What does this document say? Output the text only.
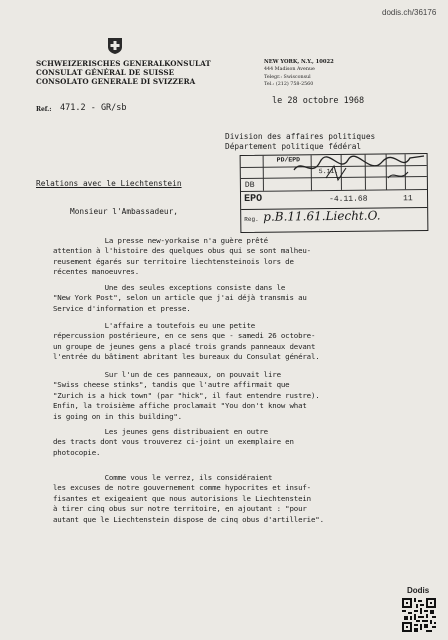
dodis.ch/36176
SCHWEIZERISCHES GENERALKONSULAT
CONSULAT GÉNÉRAL DE SUISSE
CONSOLATO GENERALE DI SVIZZERA
NEW YORK, N.Y., 10022
444 Madison Avenue
Telegr.: Swisconsul
Tel.: (212) 758-2560
Ref.: 471.2 - GR/sb
le 28 octobre 1968
Division des affaires politiques
Département politique fédéral
PD/EPD
5.11.
DB
EPO	-4.11.68	11
Reg. p.B.11.61.Liecht.O.
Relations avec le Liechtenstein
Monsieur l'Ambassadeur,
La presse new-yorkaise n'a guère prêté
attention à l'histoire des quelques obus qui se sont malheu-
reusement égarés sur territoire liechtensteinois lors de
récentes manoeuvres.
Une des seules exceptions consiste dans le
"New York Post", selon un article que j'ai déjà transmis au
Service d'information et presse.
L'affaire a toutefois eu une petite
répercussion postérieure, en ce sens que - samedi 26 octobre-
un groupe de jeunes gens a placé trois grands panneaux devant
l'entrée du bâtiment abritant les bureaux du Consulat général.
Sur l'un de ces panneaux, on pouvait lire
"Swiss cheese stinks", tandis que l'autre affirmait que
"Zurich is a hick town" (par "hick", il faut entendre rustre).
Enfin, la troisième affiche proclamait "You don't know what
is going on in this building".
Les jeunes gens distribuaient en outre
des tracts dont vous trouverez ci-joint un exemplaire en
photocopie.
Comme vous le verrez, ils considéraient
les excuses de notre gouvernement comme hypocrites et insuf-
fisantes et exigeaient que nous autorisions le Liechtenstein
à tirer cinq obus sur notre territoire, en ajoutant : "pour
autant que le Liechtenstein dispose de cinq obus d'artillerie".
Dodis
